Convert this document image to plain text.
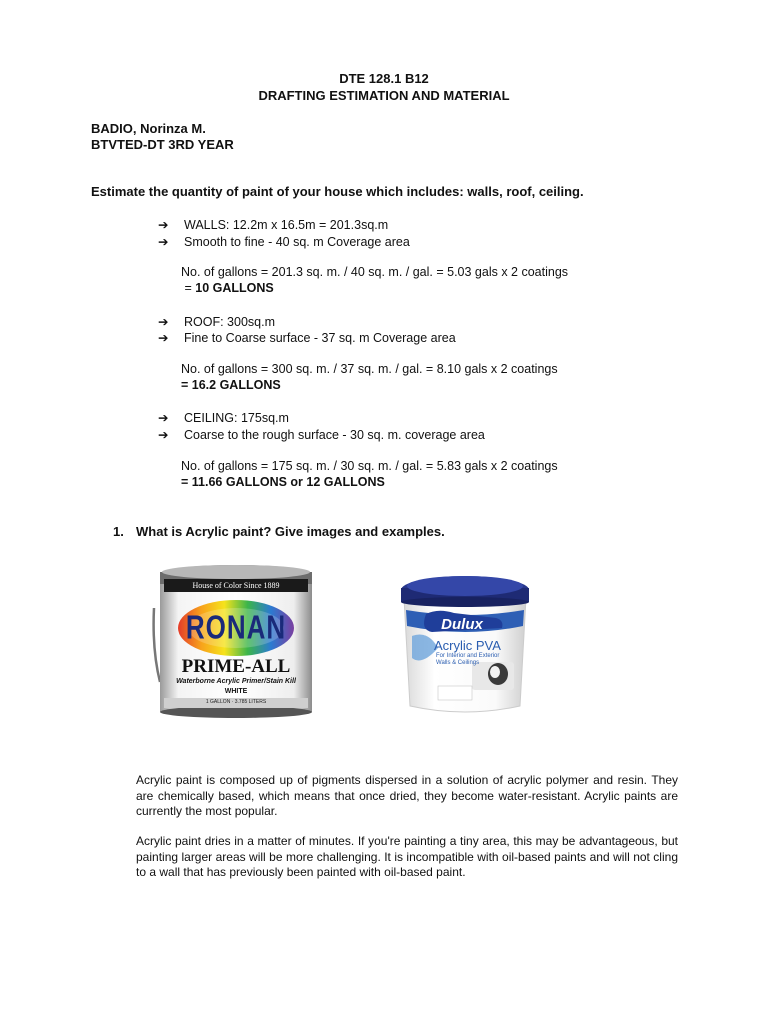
DTE 128.1 B12
DRAFTING ESTIMATION AND MATERIAL
BADIO, Norinza M.
BTVTED-DT 3RD YEAR
Estimate the quantity of paint of your house which includes: walls, roof, ceiling.
➔ WALLS: 12.2m x 16.5m = 201.3sq.m
➔ Smooth to fine - 40 sq. m Coverage area
No. of gallons = 201.3 sq. m. / 40 sq. m. / gal. = 5.03 gals x 2 coatings
= 10 GALLONS
➔ ROOF: 300sq.m
➔ Fine to Coarse surface - 37 sq. m Coverage area
No. of gallons = 300 sq. m. / 37 sq. m. / gal. = 8.10 gals x 2 coatings
= 16.2 GALLONS
➔ CEILING: 175sq.m
➔ Coarse to the rough surface - 30 sq. m. coverage area
No. of gallons = 175 sq. m. / 30 sq. m. / gal. = 5.83 gals x 2 coatings
= 11.66 GALLONS or 12 GALLONS
1. What is Acrylic paint? Give images and examples.
House of Color Since 1889
RONAN
PRIME-ALL
Waterborne Acrylic Primer/Stain Kill
WHITE
1 GALLON · 3.785 LITERS
Dulux
Acrylic PVA
For Interior and Exterior Walls & Ceilings
Acrylic paint is composed up of pigments dispersed in a solution of acrylic polymer and resin. They are chemically based, which means that once dried, they become water-resistant. Acrylic paints are currently the most popular.
Acrylic paint dries in a matter of minutes. If you're painting a tiny area, this may be advantageous, but painting larger areas will be more challenging. It is incompatible with oil-based paints and will not cling to a wall that has previously been painted with oil-based paint.
